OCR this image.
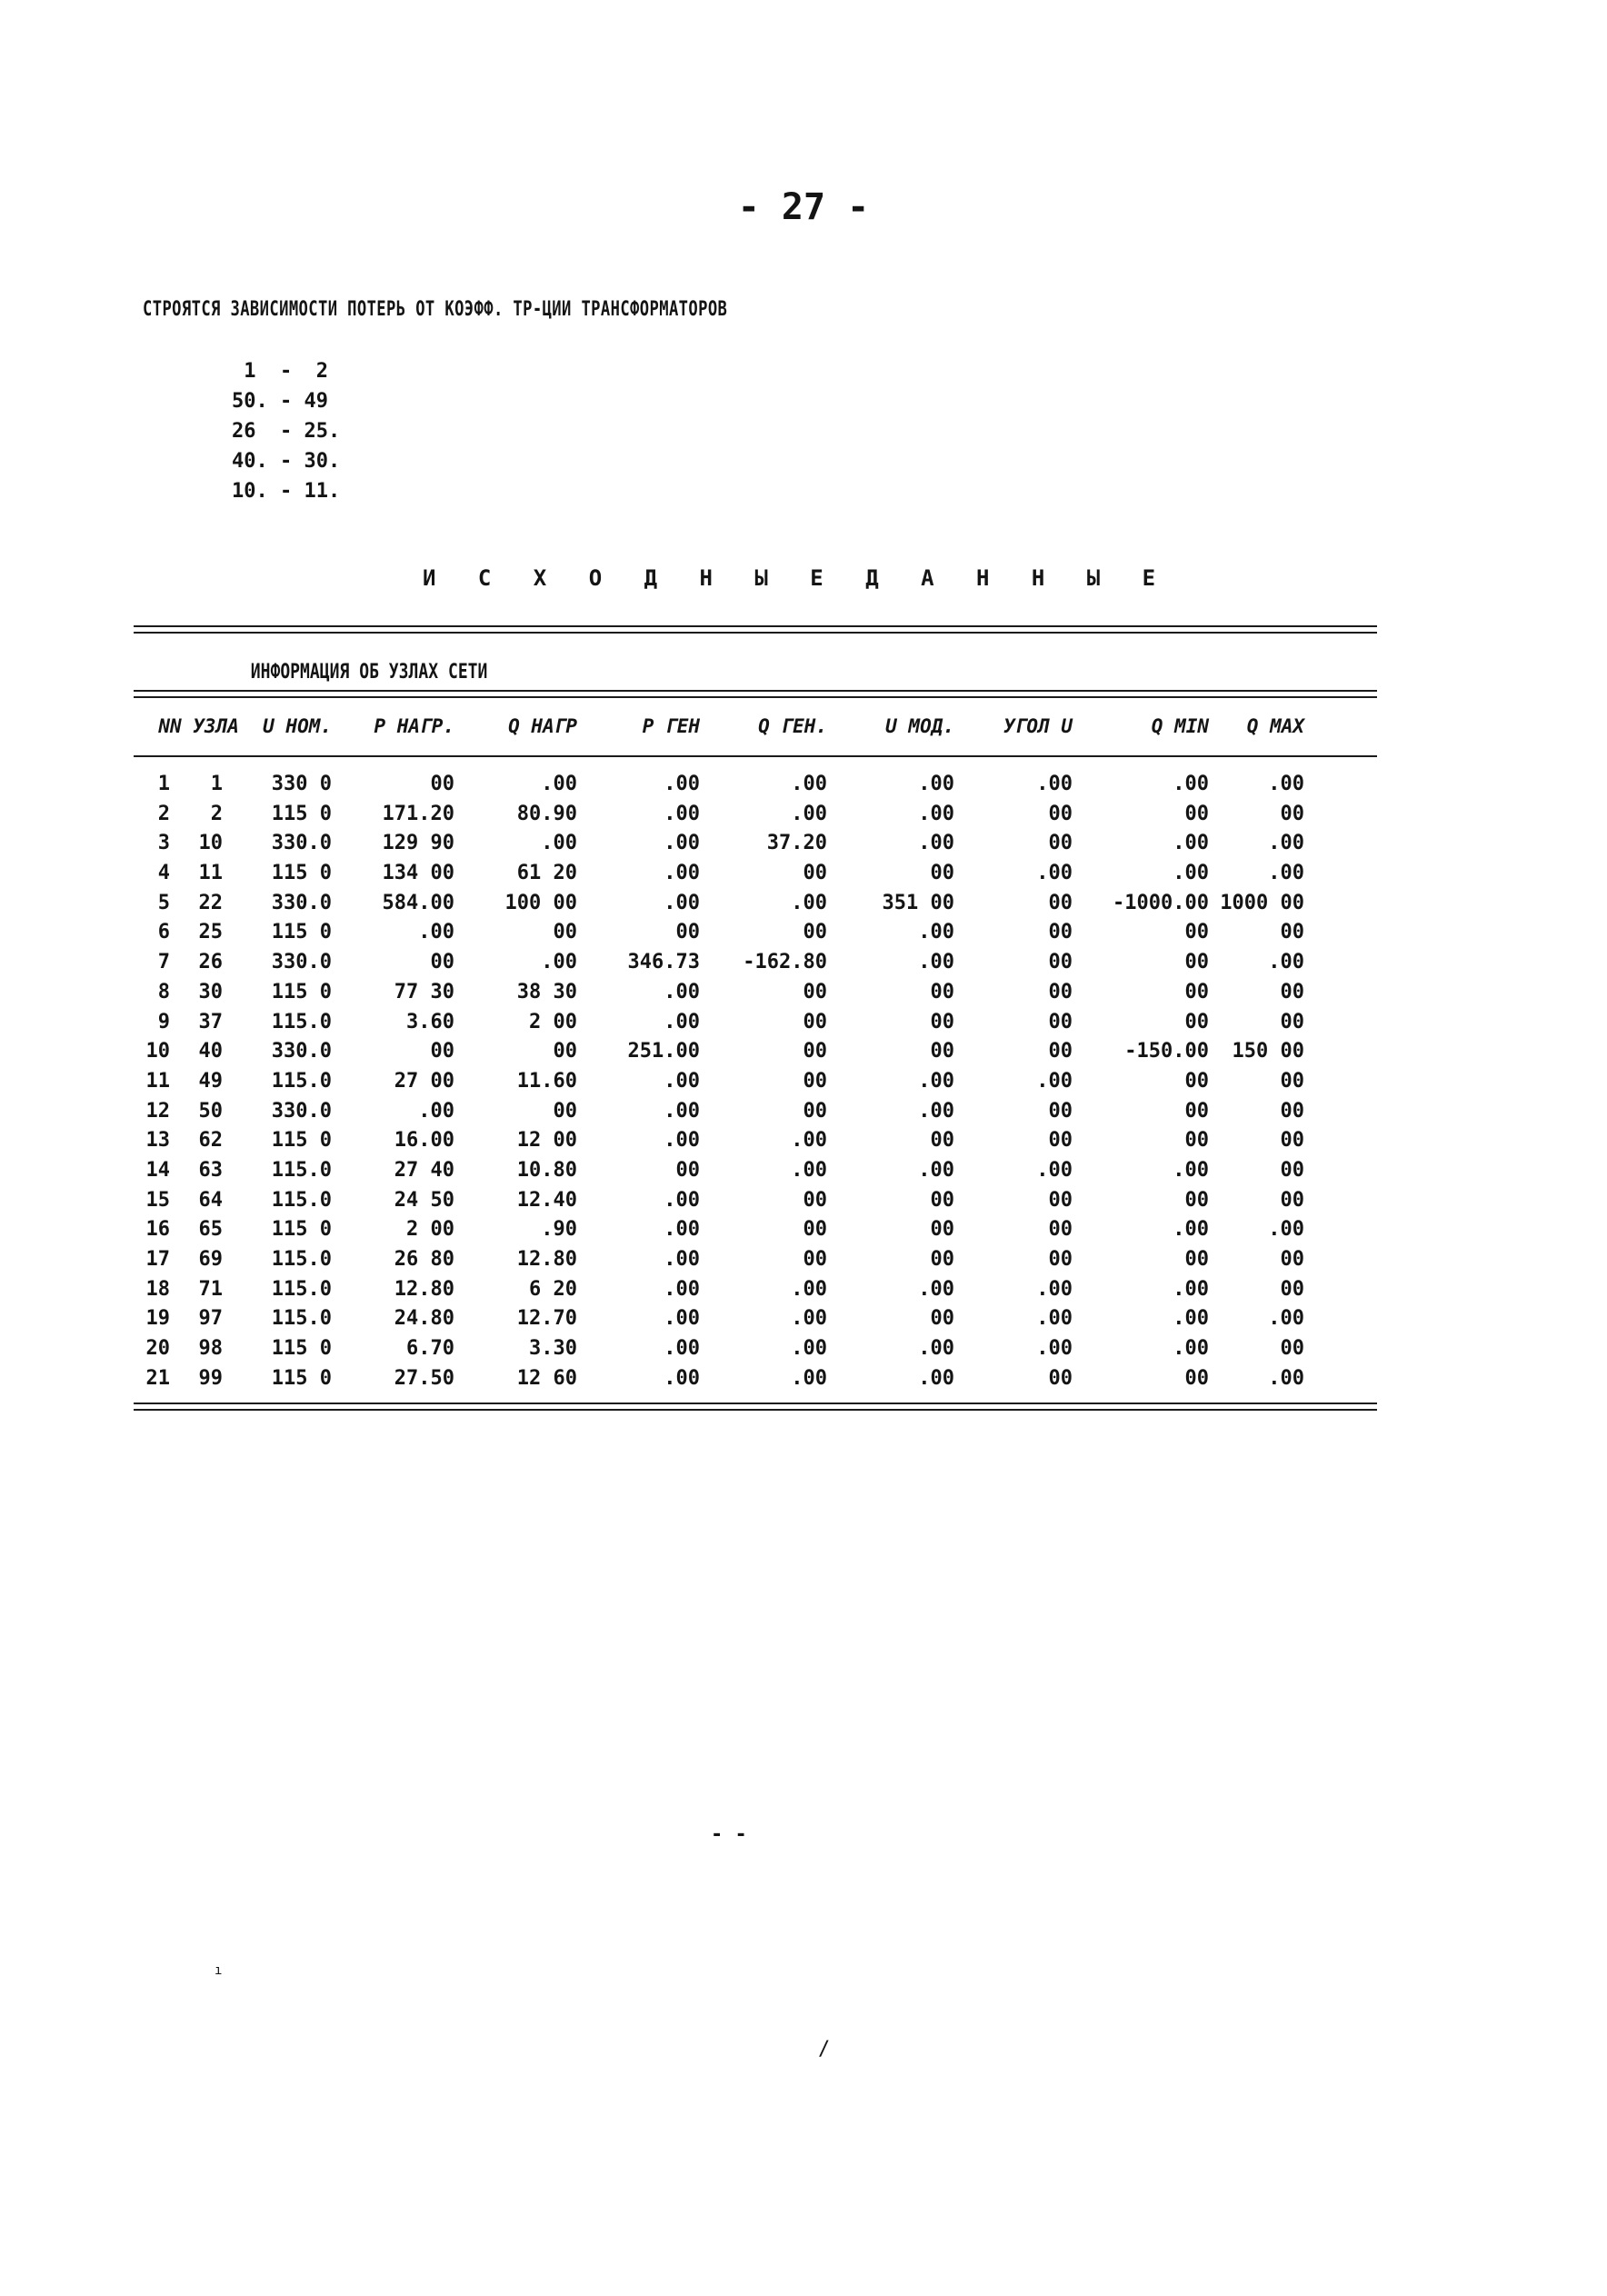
- 27 -
СТРОЯТСЯ ЗАВИСИМОСТИ ПОТЕРЬ ОТ КОЭФФ. ТР-ЦИИ ТРАНСФОРМАТОРОВ
1  -  2
50. - 49
26  - 25.
40. - 30.
10. - 11.
И С Х О Д Н Ы Е Д А Н Н Ы Е
ИНФОРМАЦИЯ ОБ УЗЛАХ СЕТИ
N N УЗЛА	U НОМ.	P НАГР.	Q НАГР	P ГЕН	Q ГЕН.	U МОД.	УГОЛ U	Q MIN	Q MAX
1	1	330 0	00	.00	.00	.00	.00	.00	.00	.00
2	2	115 0	171.20	80.90	.00	.00	.00	00	00	00
3	10	330.0	129 90	.00	.00	37.20	.00	00	.00	.00
4	11	115 0	134 00	61 20	.00	00	00	.00	.00	.00
5	22	330.0	584.00	100 00	.00	.00	351 00	00	-1000.00 1000 00
6	25	115 0	.00	00	00	00	.00	00	00	00
7	26	330.0	00	.00	346.73	-162.80	.00	00	00	.00
8	30	115 0	77 30	38 30	.00	00	00	00	00	00
9	37	115.0	3.60	2 00	.00	00	00	00	00	00
10	40	330.0	00	00	251.00	00	00	00	-150.00	150 00
11	49	115.0	27 00	11.60	.00	00	.00	.00	00	00
12	50	330.0	.00	00	.00	00	.00	00	00	00
13	62	115 0	16.00	12 00	.00	.00	00	00	00	00
14	63	115.0	27 40	10.80	00	.00	.00	.00	.00	00
15	64	115.0	24 50	12.40	.00	00	00	00	00	00
16	65	115 0	2 00	.90	.00	00	00	00	.00	.00
17	69	115.0	26 80	12.80	.00	00	00	00	00	00
18	71	115.0	12.80	6 20	.00	.00	.00	.00	.00	00
19	97	115.0	24.80	12.70	.00	.00	00	.00	.00	.00
20	98	115 0	6.70	3.30	.00	.00	.00	.00	.00	00
21	99	115 0	27.50	12 60	.00	.00	.00	00	00	.00
- -
ı
/
